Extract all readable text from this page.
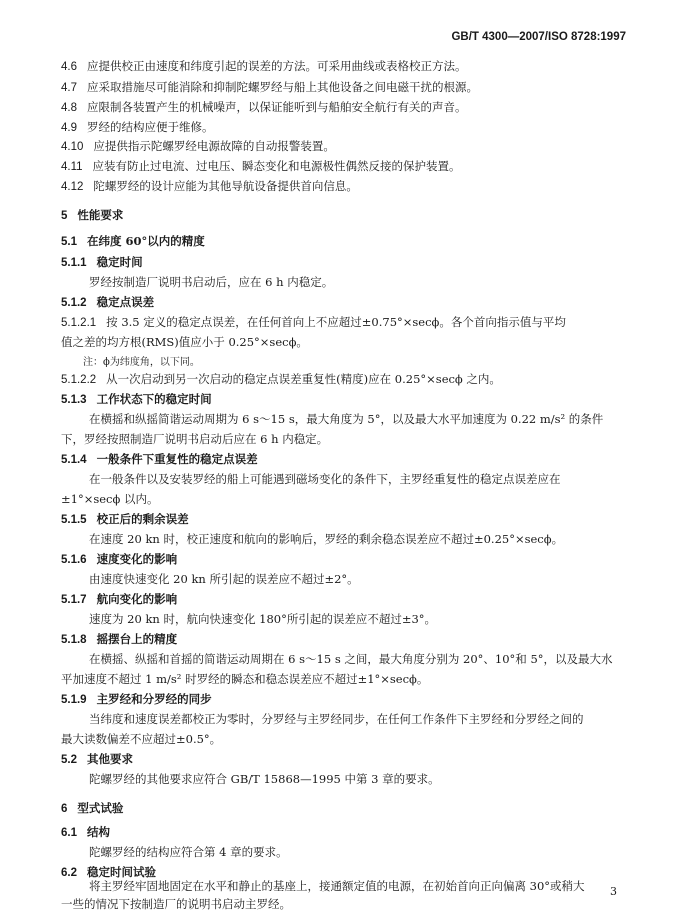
GB/T 4300—2007/ISO 8728:1997
4.6 应提供校正由速度和纬度引起的误差的方法。可采用曲线或表格校正方法。
4.7 应采取措施尽可能消除和抑制陀螺罗经与船上其他设备之间电磁干扰的根源。
4.8 应限制各装置产生的机械噪声，以保证能听到与船舶安全航行有关的声音。
4.9 罗经的结构应便于维修。
4.10 应提供指示陀螺罗经电源故障的自动报警装置。
4.11 应装有防止过电流、过电压、瞬态变化和电源极性偶然反接的保护装置。
4.12 陀螺罗经的设计应能为其他导航设备提供首向信息。
5 性能要求
5.1 在纬度 60°以内的精度
5.1.1 稳定时间
罗经按制造厂说明书启动后，应在 6 h 内稳定。
5.1.2 稳定点误差
5.1.2.1 按 3.5 定义的稳定点误差，在任何首向上不应超过±0.75°×secϕ。各个首向指示值与平均
值之差的均方根(RMS)值应小于 0.25°×secϕ。
注：ϕ为纬度角，以下同。
5.1.2.2 从一次启动到另一次启动的稳定点误差重复性(精度)应在 0.25°×secϕ 之内。
5.1.3 工作状态下的稳定时间
在横摇和纵摇简谐运动周期为 6 s～15 s，最大角度为 5°，以及最大水平加速度为 0.22 m/s² 的条件
下，罗经按照制造厂说明书启动后应在 6 h 内稳定。
5.1.4 一般条件下重复性的稳定点误差
在一般条件以及安装罗经的船上可能遇到磁场变化的条件下，主罗经重复性的稳定点误差应在
±1°×secϕ 以内。
5.1.5 校正后的剩余误差
在速度 20 kn 时，校正速度和航向的影响后，罗经的剩余稳态误差应不超过±0.25°×secϕ。
5.1.6 速度变化的影响
由速度快速变化 20 kn 所引起的误差应不超过±2°。
5.1.7 航向变化的影响
速度为 20 kn 时，航向快速变化 180°所引起的误差应不超过±3°。
5.1.8 摇摆台上的精度
在横摇、纵摇和首摇的简谐运动周期在 6 s～15 s 之间，最大角度分别为 20°、10°和 5°，以及最大水
平加速度不超过 1 m/s² 时罗经的瞬态和稳态误差应不超过±1°×secϕ。
5.1.9 主罗经和分罗经的同步
当纬度和速度误差都校正为零时，分罗经与主罗经同步，在任何工作条件下主罗经和分罗经之间的
最大读数偏差不应超过±0.5°。
5.2 其他要求
陀螺罗经的其他要求应符合 GB/T 15868—1995 中第 3 章的要求。
6 型式试验
6.1 结构
陀螺罗经的结构应符合第 4 章的要求。
6.2 稳定时间试验
将主罗经牢固地固定在水平和静止的基座上，接通额定值的电源，在初始首向正向偏离 30°或稍大
一些的情况下按制造厂的说明书启动主罗经。
3
